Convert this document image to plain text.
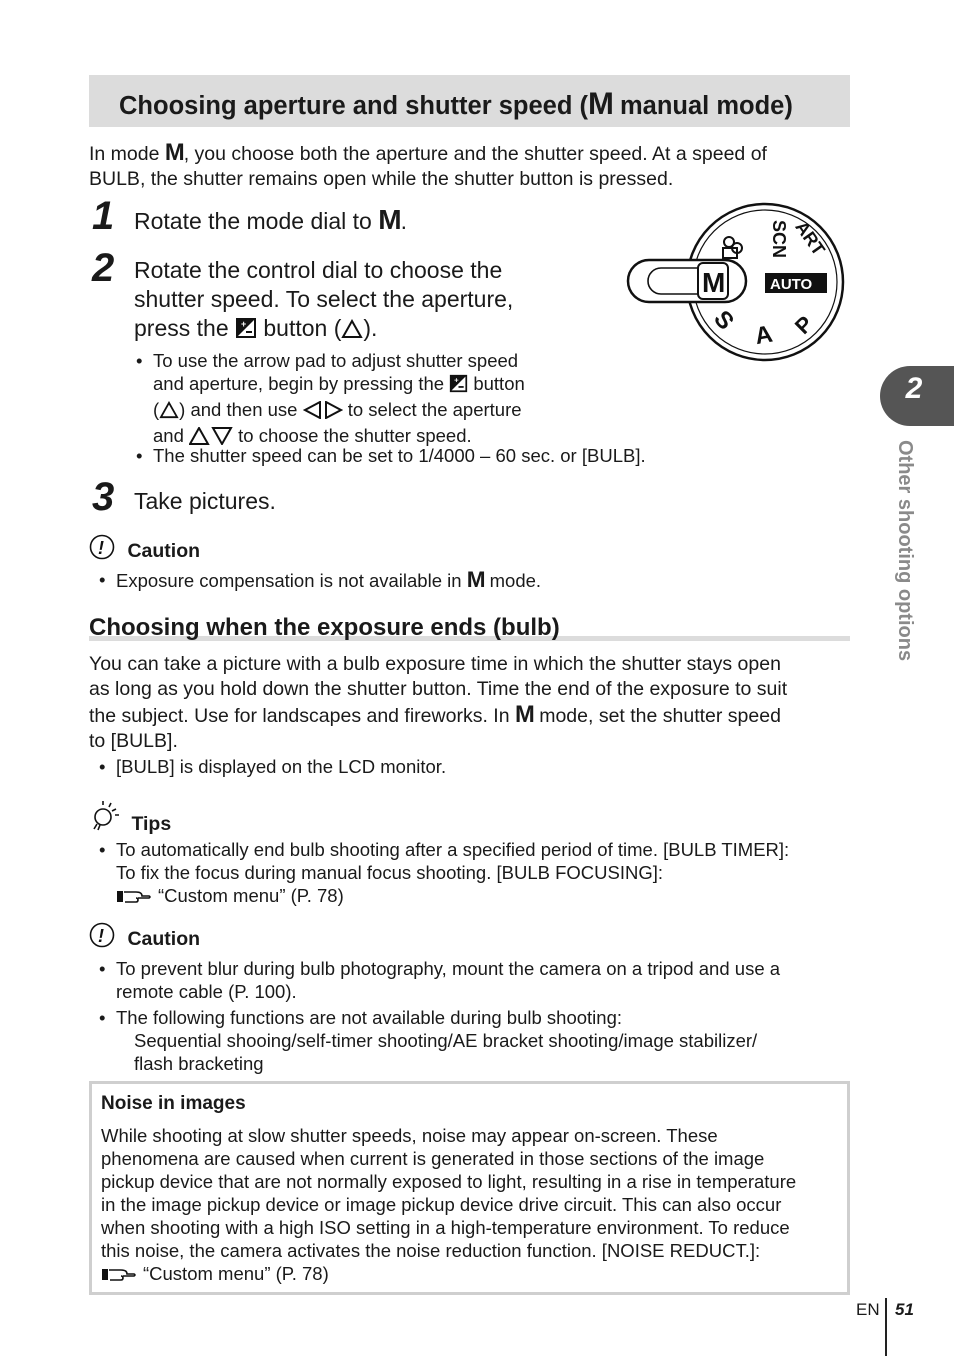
Choosing aperture and shutter speed (M manual mode)
In mode M, you choose both the aperture and the shutter speed. At a speed of
BULB, the shutter remains open while the shutter button is pressed.
1 Rotate the mode dial to M.
2 Rotate the control dial to choose the
shutter speed. To select the aperture,
press the + button ( ).
• To use the arrow pad to adjust shutter speed
and aperture, begin by pressing the + button
( ) and then use  to select the aperture
and  to choose the shutter speed.
• The shutter speed can be set to 1/4000 – 60 sec. or [BULB].
3 Take pictures.
M
SCN ART
AUTO
P
A
S
! Caution
• Exposure compensation is not available in M mode.
Choosing when the exposure ends (bulb)
You can take a picture with a bulb exposure time in which the shutter stays open
as long as you hold down the shutter button. Time the end of the exposure to suit
the subject. Use for landscapes and fireworks. In M mode, set the shutter speed
to [BULB].
• [BULB] is displayed on the LCD monitor.
Tips
• To automatically end bulb shooting after a specified period of time. [BULB TIMER]:
To fix the focus during manual focus shooting. [BULB FOCUSING]:
“Custom menu” (P. 78)
! Caution
• To prevent blur during bulb photography, mount the camera on a tripod and use a
remote cable (P. 100).
• The following functions are not available during bulb shooting:
Sequential shooing/self-timer shooting/AE bracket shooting/image stabilizer/
flash bracketing
Noise in images
While shooting at slow shutter speeds, noise may appear on-screen. These
phenomena are caused when current is generated in those sections of the image
pickup device that are not normally exposed to light, resulting in a rise in temperature
in the image pickup device or image pickup device drive circuit. This can also occur
when shooting with a high ISO setting in a high-temperature environment. To reduce
this noise, the camera activates the noise reduction function. [NOISE REDUCT.]:
“Custom menu” (P. 78)
2
Other shooting options
EN 51
